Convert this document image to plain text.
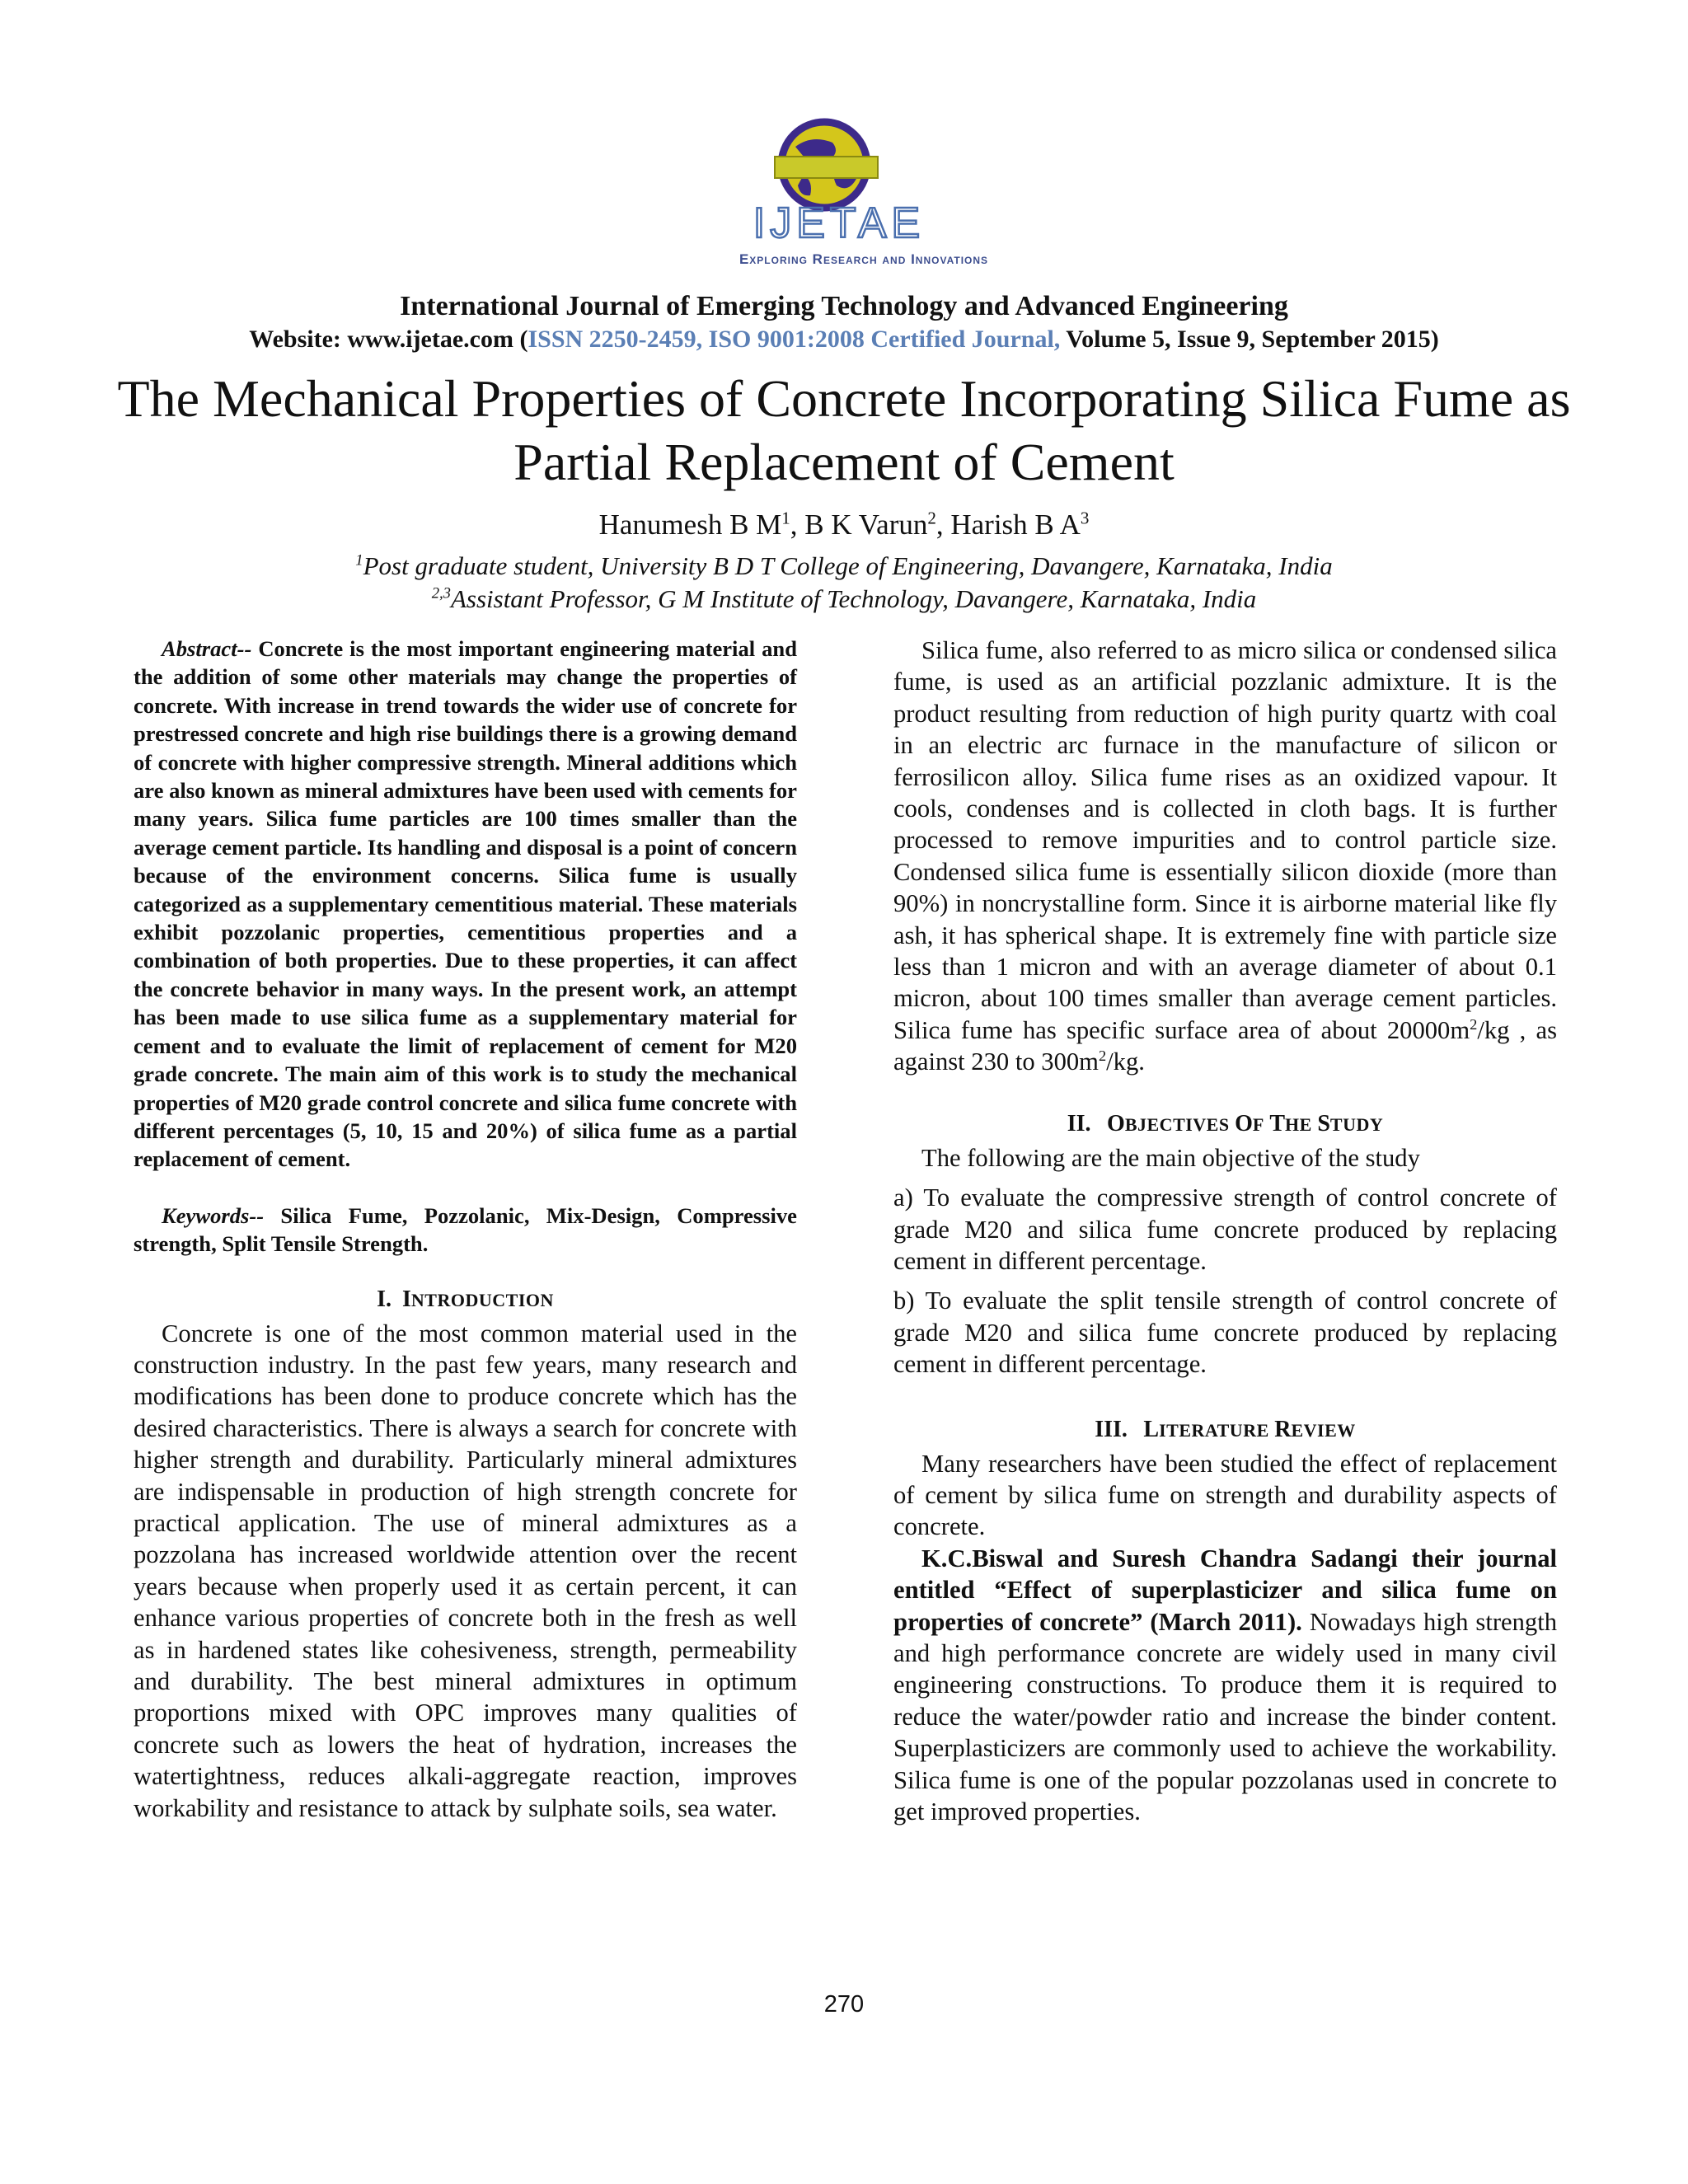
IJETAE
Exploring Research and Innovations
International Journal of Emerging Technology and Advanced Engineering
Website: www.ijetae.com (ISSN 2250-2459, ISO 9001:2008 Certified Journal, Volume 5, Issue 9, September 2015)
The Mechanical Properties of Concrete Incorporating Silica Fume as Partial Replacement of Cement
Hanumesh B $M^1$, B K Varun$^2$, Harish B $A^3$
$^1$Post graduate student, University B D T College of Engineering, Davangere, Karnataka, India
$^{2,3}$Assistant Professor, G M Institute of Technology, Davangere, Karnataka, India

Abstract-- Concrete is the most important engineering material and the addition of some other materials may change the properties of concrete. With increase in trend towards the wider use of concrete for prestressed concrete and high rise buildings there is a growing demand of concrete with higher compressive strength. Mineral additions which are also known as mineral admixtures have been used with cements for many years. Silica fume particles are 100 times smaller than the average cement particle. Its handling and disposal is a point of concern because of the environment concerns. Silica fume is usually categorized as a supplementary cementitious material. These materials exhibit pozzolanic properties, cementitious properties and a combination of both properties. Due to these properties, it can affect the concrete behavior in many ways. In the present work, an attempt has been made to use silica fume as a supplementary material for cement and to evaluate the limit of replacement of cement for M20 grade concrete. The main aim of this work is to study the mechanical properties of M20 grade control concrete and silica fume concrete with different percentages (5, 10, 15 and 20%) of silica fume as a partial replacement of cement.

Keywords-- Silica Fume, Pozzolanic, Mix-Design, Compressive strength, Split Tensile Strength.

I. INTRODUCTION

Concrete is one of the most common material used in the construction industry. In the past few years, many research and modifications has been done to produce concrete which has the desired characteristics. There is always a search for concrete with higher strength and durability. Particularly mineral admixtures are indispensable in production of high strength concrete for practical application. The use of mineral admixtures as a pozzolana has increased worldwide attention over the recent years because when properly used it as certain percent, it can enhance various properties of concrete both in the fresh as well as in hardened states like cohesiveness, strength, permeability and durability. The best mineral admixtures in optimum proportions mixed with OPC improves many qualities of concrete such as lowers the heat of hydration, increases the watertightness, reduces alkali-aggregate reaction, improves workability and resistance to attack by sulphate soils, sea water.

Silica fume, also referred to as micro silica or condensed silica fume, is used as an artificial pozzlanic admixture. It is the product resulting from reduction of high purity quartz with coal in an electric arc furnace in the manufacture of silicon or ferrosilicon alloy. Silica fume rises as an oxidized vapour. It cools, condenses and is collected in cloth bags. It is further processed to remove impurities and to control particle size. Condensed silica fume is essentially silicon dioxide (more than 90%) in noncrystalline form. Since it is airborne material like fly ash, it has spherical shape. It is extremely fine with particle size less than 1 micron and with an average diameter of about 0.1 micron, about 100 times smaller than average cement particles. Silica fume has specific surface area of about $20000m^2/kg$ , as against 230 to $300m^2/kg$.

II. OBJECTIVES OF THE STUDY

The following are the main objective of the study

a) To evaluate the compressive strength of control concrete of grade M20 and silica fume concrete produced by replacing cement in different percentage.

b) To evaluate the split tensile strength of control concrete of grade M20 and silica fume concrete produced by replacing cement in different percentage.

III. LITERATURE REVIEW

Many researchers have been studied the effect of replacement of cement by silica fume on strength and durability aspects of concrete.

K.C.Biswal and Suresh Chandra Sadangi their journal entitled “Effect of superplasticizer and silica fume on properties of concrete” (March 2011). Nowadays high strength and high performance concrete are widely used in many civil engineering constructions. To produce them it is required to reduce the water/powder ratio and increase the binder content. Superplasticizers are commonly used to achieve the workability. Silica fume is one of the popular pozzolanas used in concrete to get improved properties.

270
